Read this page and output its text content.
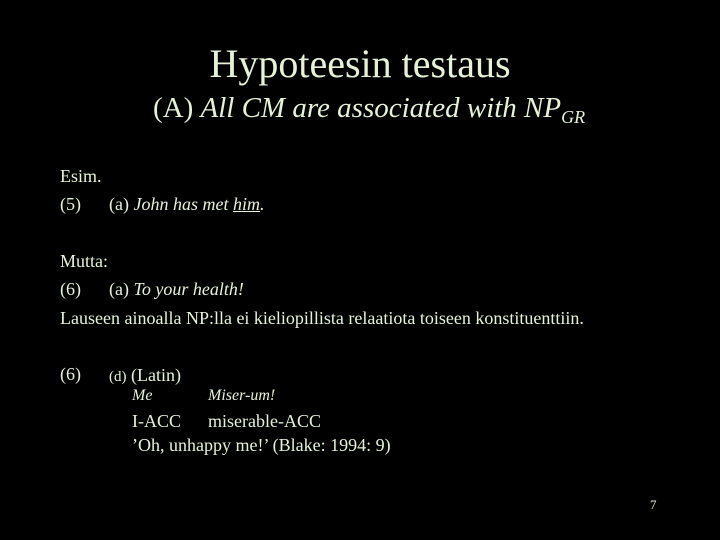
Hypoteesin testaus
(A) All CM are associated with $NP_{GR}$
Esim.
(5) (a) John has met him.
Mutta:
(6) (a) To your health!
Lauseen ainoalla NP:lla ei kieliopillista relaatiota toiseen konstituenttiin.
(6) (d) (Latin)
Me	Miser-um!
I-ACC miserable-ACC
’Oh, unhappy me!’ (Blake: 1994: 9)
7
